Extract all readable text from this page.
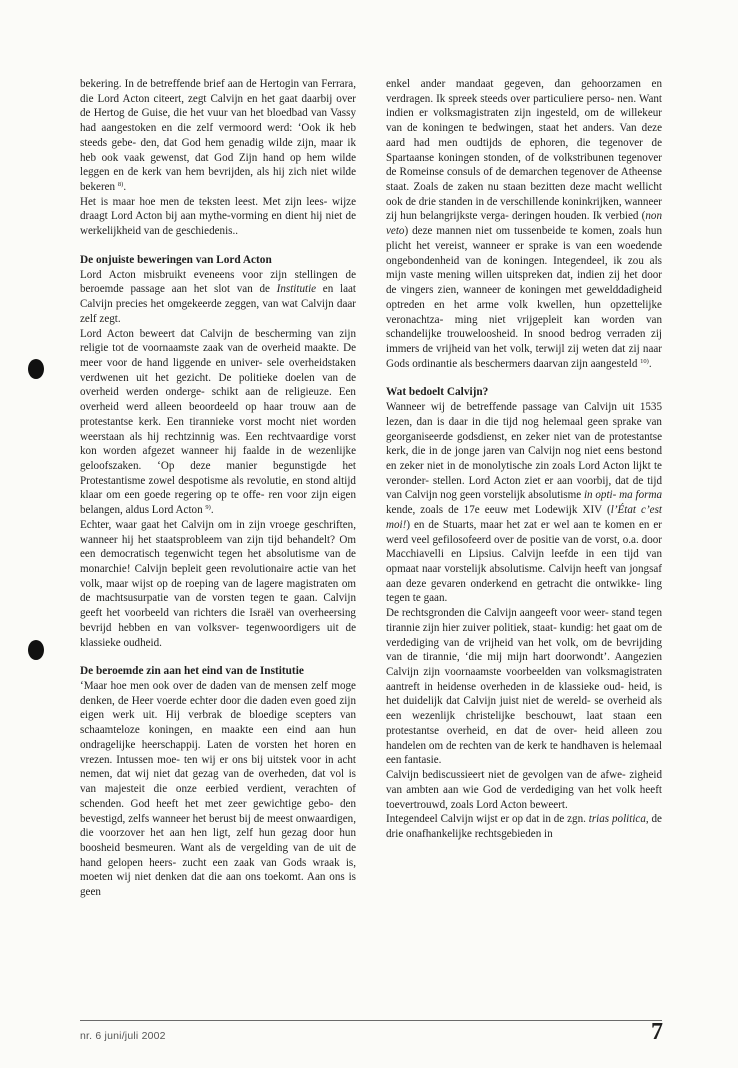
bekering. In de betreffende brief aan de Hertogin van Ferrara, die Lord Acton citeert, zegt Calvijn en het gaat daarbij over de Hertog de Guise, die het vuur van het bloedbad van Vassy had aangestoken en die zelf vermoord werd: ‘Ook ik heb steeds gebe- den, dat God hem genadig wilde zijn, maar ik heb ook vaak gewenst, dat God Zijn hand op hem wilde leggen en de kerk van hem bevrijden, als hij zich niet wilde bekeren $^{8)}$.

Het is maar hoe men de teksten leest. Met zijn lees- wijze draagt Lord Acton bij aan mythe-vorming en dient hij niet de werkelijkheid van de geschiedenis..

De onjuiste beweringen van Lord Acton

Lord Acton misbruikt eveneens voor zijn stellingen de beroemde passage aan het slot van de Institutie en laat Calvijn precies het omgekeerde zeggen, van wat Calvijn daar zelf zegt.

Lord Acton beweert dat Calvijn de bescherming van zijn religie tot de voornaamste zaak van de overheid maakte. De meer voor de hand liggende en univer- sele overheidstaken verdwenen uit het gezicht. De politieke doelen van de overheid werden onderge- schikt aan de religieuze. Een overheid werd alleen beoordeeld op haar trouw aan de protestantse kerk. Een tirannieke vorst mocht niet worden weerstaan als hij rechtzinnig was. Een rechtvaardige vorst kon worden afgezet wanneer hij faalde in de wezenlijke geloofszaken. ‘Op deze manier begunstigde het Protestantisme zowel despotisme als revolutie, en stond altijd klaar om een goede regering op te offe- ren voor zijn eigen belangen, aldus Lord Acton $^{9)}$.

Echter, waar gaat het Calvijn om in zijn vroege geschriften, wanneer hij het staatsprobleem van zijn tijd behandelt? Om een democratisch tegenwicht tegen het absolutisme van de monarchie! Calvijn bepleit geen revolutionaire actie van het volk, maar wijst op de roeping van de lagere magistraten om de machtsusurpatie van de vorsten tegen te gaan. Calvijn geeft het voorbeeld van richters die Israël van overheersing bevrijd hebben en van volksver- tegenwoordigers uit de klassieke oudheid.

De beroemde zin aan het eind van de Institutie

‘Maar hoe men ook over de daden van de mensen zelf moge denken, de Heer voerde echter door die daden even goed zijn eigen werk uit. Hij verbrak de bloedige scepters van schaamteloze koningen, en maakte een eind aan hun ondragelijke heerschappij. Laten de vorsten het horen en vrezen. Intussen moe- ten wij er ons bij uitstek voor in acht nemen, dat wij niet dat gezag van de overheden, dat vol is van majesteit die onze eerbied verdient, verachten of schenden. God heeft het met zeer gewichtige gebo- den bevestigd, zelfs wanneer het berust bij de meest onwaardigen, die voorzover het aan hen ligt, zelf hun gezag door hun boosheid besmeuren. Want als de vergelding van de uit de hand gelopen heers- zucht een zaak van Gods wraak is, moeten wij niet denken dat die aan ons toekomt. Aan ons is geen

enkel ander mandaat gegeven, dan gehoorzamen en verdragen. Ik spreek steeds over particuliere perso- nen. Want indien er volksmagistraten zijn ingesteld, om de willekeur van de koningen te bedwingen, staat het anders. Van deze aard had men oudtijds de ephoren, die tegenover de Spartaanse koningen stonden, of de volkstribunen tegenover de Romeinse consuls of de demarchen tegenover de Atheense staat. Zoals de zaken nu staan bezitten deze macht wellicht ook de drie standen in de verschillende koninkrijken, wanneer zij hun belangrijkste verga- deringen houden. Ik verbied (non veto) deze mannen niet om tussenbeide te komen, zoals hun plicht het vereist, wanneer er sprake is van een woedende ongebondenheid van de koningen. Integendeel, ik zou als mijn vaste mening willen uitspreken dat, indien zij het door de vingers zien, wanneer de koningen met gewelddadigheid optreden en het arme volk kwellen, hun opzettelijke veronachtza- ming niet vrijgepleit kan worden van schandelijke trouweloosheid. In snood bedrog verraden zij immers de vrijheid van het volk, terwijl zij weten dat zij naar Gods ordinantie als beschermers daarvan zijn aangesteld $^{10)}$.

Wat bedoelt Calvijn?

Wanneer wij de betreffende passage van Calvijn uit 1535 lezen, dan is daar in die tijd nog helemaal geen sprake van georganiseerde godsdienst, en zeker niet van de protestantse kerk, die in de jonge jaren van Calvijn nog niet eens bestond en zeker niet in de monolytische zin zoals Lord Acton lijkt te veronder- stellen. Lord Acton ziet er aan voorbij, dat de tijd van Calvijn nog geen vorstelijk absolutisme in opti- ma forma kende, zoals de 17e eeuw met Lodewijk XIV (l’État c’est moi!) en de Stuarts, maar het zat er wel aan te komen en er werd veel gefilosofeerd over de positie van de vorst, o.a. door Macchiavelli en Lipsius. Calvijn leefde in een tijd van opmaat naar vorstelijk absolutisme. Calvijn heeft van jongsaf aan deze gevaren onderkend en getracht die ontwikke- ling tegen te gaan.

De rechtsgronden die Calvijn aangeeft voor weer- stand tegen tirannie zijn hier zuiver politiek, staat- kundig: het gaat om de verdediging van de vrijheid van het volk, om de bevrijding van de tirannie, ‘die mij mijn hart doorwondt’. Aangezien Calvijn zijn voornaamste voorbeelden van volksmagistraten aantreft in heidense overheden in de klassieke oud- heid, is het duidelijk dat Calvijn juist niet de wereld- se overheid als een wezenlijk christelijke beschouwt, laat staan een protestantse overheid, en dat de over- heid alleen zou handelen om de rechten van de kerk te handhaven is helemaal een fantasie.

Calvijn bediscussieert niet de gevolgen van de afwe- zigheid van ambten aan wie God de verdediging van het volk heeft toevertrouwd, zoals Lord Acton beweert.

Integendeel Calvijn wijst er op dat in de zgn. trias politica, de drie onafhankelijke rechtsgebieden in

nr. 6 juni/juli 2002	7
